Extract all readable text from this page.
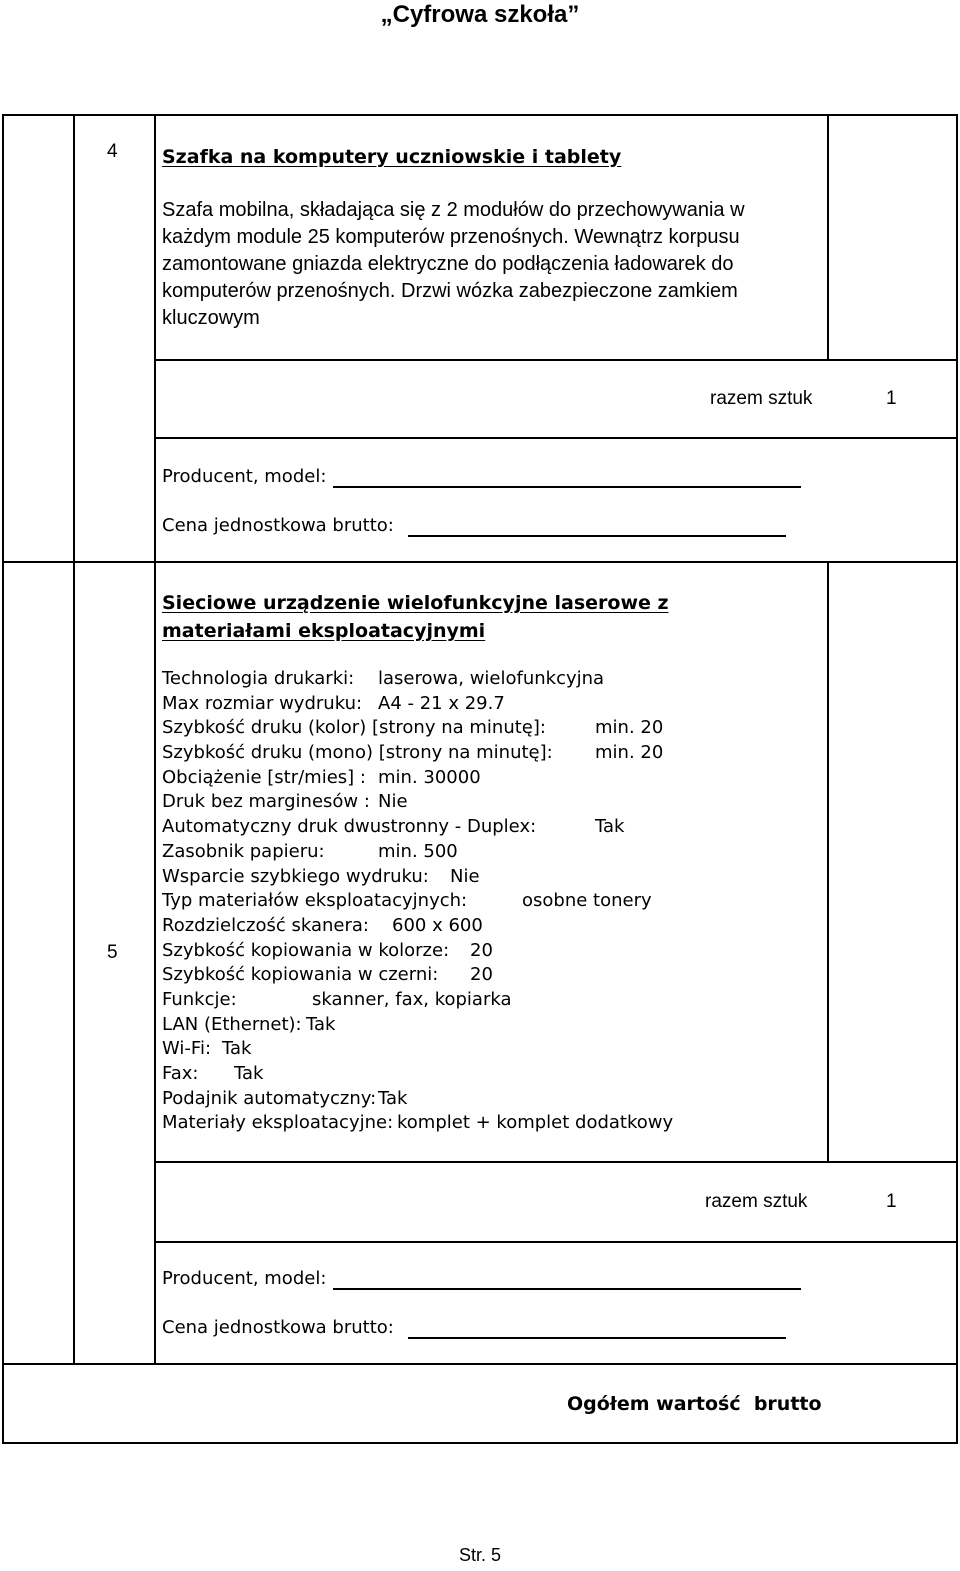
„Cyfrowa szkoła”
4 Szafka na komputery uczniowskie i tablety
Szafa mobilna, składająca się z 2 modułów do przechowywania w
każdym module 25 komputerów przenośnych. Wewnątrz korpusu
zamontowane gniazda elektryczne do podłączenia ładowarek do
komputerów przenośnych. Drzwi wózka zabezpieczone zamkiem
kluczowym
razem sztuk	1
Producent, model:
Cena jednostkowa brutto:
5
Sieciowe urządzenie wielofunkcyjne laserowe z
materiałami eksploatacyjnymi
Technologia drukarki: laserowa, wielofunkcyjna
Max rozmiar wydruku: A4 - 21 x 29.7
Szybkość druku (kolor) [strony na minutę]:	min. 20
Szybkość druku (mono) [strony na minutę]: min. 20
Obciążenie [str/mies] : min. 30000
Druk bez marginesów : Nie
Automatyczny druk dwustronny - Duplex:	Tak
Zasobnik papieru:	min. 500
Wsparcie szybkiego wydruku: Nie
Typ materiałów eksploatacyjnych:	osobne tonery
Rozdzielczość skanera: 600 x 600
Szybkość kopiowania w kolorze: 20
Szybkość kopiowania w czerni: 20
Funkcje:	skanner, fax, kopiarka
LAN (Ethernet): Tak
Wi-Fi: Tak
Fax: Tak
Podajnik automatyczny: Tak
Materiały eksploatacyjne: komplet + komplet dodatkowy
razem sztuk	1
Producent, model:
Cena jednostkowa brutto:
Ogółem wartość  brutto
Str. 5
